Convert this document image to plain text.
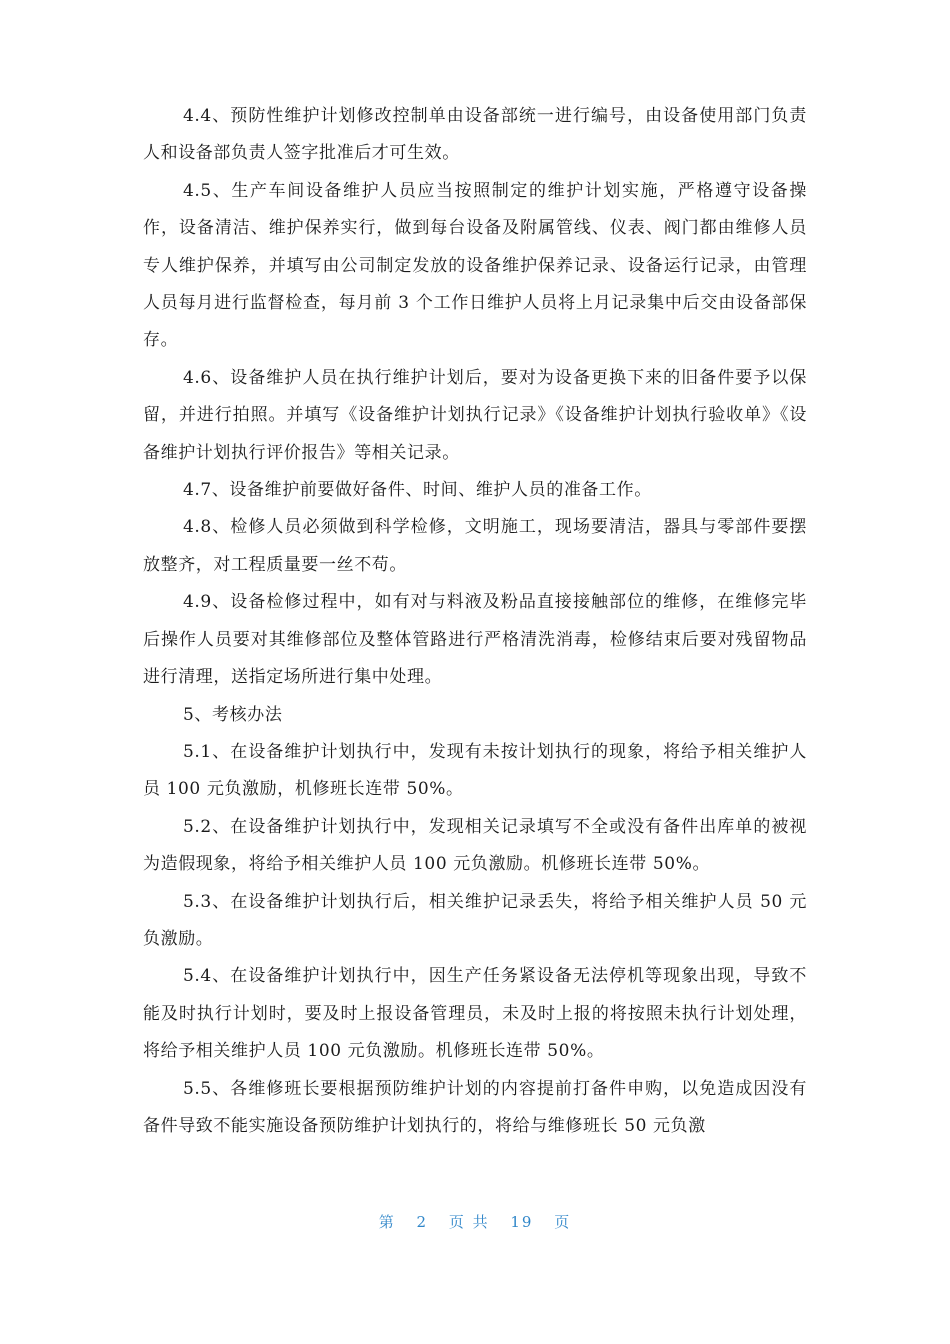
4.4、预防性维护计划修改控制单由设备部统一进行编号，由设备使用部门负责人和设备部负责人签字批准后才可生效。

4.5、生产车间设备维护人员应当按照制定的维护计划实施，严格遵守设备操作，设备清洁、维护保养实行，做到每台设备及附属管线、仪表、阀门都由维修人员专人维护保养，并填写由公司制定发放的设备维护保养记录、设备运行记录，由管理人员每月进行监督检查，每月前 3 个工作日维护人员将上月记录集中后交由设备部保存。

4.6、设备维护人员在执行维护计划后，要对为设备更换下来的旧备件要予以保留，并进行拍照。并填写《设备维护计划执行记录》《设备维护计划执行验收单》《设备维护计划执行评价报告》等相关记录。

4.7、设备维护前要做好备件、时间、维护人员的准备工作。

4.8、检修人员必须做到科学检修，文明施工，现场要清洁，器具与零部件要摆放整齐，对工程质量要一丝不苟。

4.9、设备检修过程中，如有对与料液及粉品直接接触部位的维修，在维修完毕后操作人员要对其维修部位及整体管路进行严格清洗消毒，检修结束后要对残留物品进行清理，送指定场所进行集中处理。

5、考核办法

5.1、在设备维护计划执行中，发现有未按计划执行的现象，将给予相关维护人员 100 元负激励，机修班长连带 50%。

5.2、在设备维护计划执行中，发现相关记录填写不全或没有备件出库单的被视为造假现象，将给予相关维护人员 100 元负激励。机修班长连带 50%。

5.3、在设备维护计划执行后，相关维护记录丢失，将给予相关维护人员 50 元负激励。

5.4、在设备维护计划执行中，因生产任务紧设备无法停机等现象出现，导致不能及时执行计划时，要及时上报设备管理员，未及时上报的将按照未执行计划处理，将给予相关维护人员 100 元负激励。机修班长连带 50%。

5.5、各维修班长要根据预防维护计划的内容提前打备件申购，以免造成因没有备件导致不能实施设备预防维护计划执行的，将给与维修班长 50 元负激

第 2 页 共 19 页
